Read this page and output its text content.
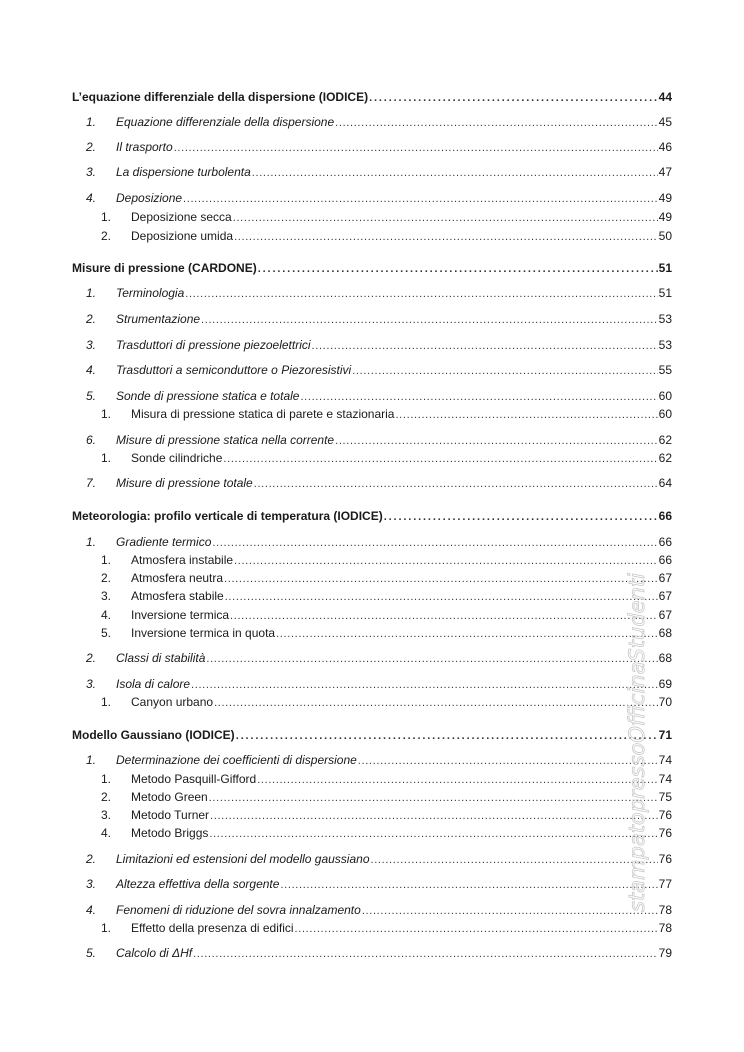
L’equazione differenziale della dispersione (IODICE) . . .	44
1.	Equazione differenziale della dispersione . . .	45
2.	Il trasporto . . .	46
3.	La dispersione turbolenta . . .	47
4.	Deposizione . . .	49
1.	Deposizione secca . . .	49
2.	Deposizione umida . . .	50
Misure di pressione (CARDONE) . . .	51
1.	Terminologia . . .	51
2.	Strumentazione . . .	53
3.	Trasduttori di pressione piezoelettrici . . .	53
4.	Trasduttori a semiconduttore o Piezoresistivi . . .	55
5.	Sonde di pressione statica e totale . . .	60
1.	Misura di pressione statica di parete e stazionaria . . .	60
6.	Misure di pressione statica nella corrente . . .	62
1.	Sonde cilindriche . . .	62
7.	Misure di pressione totale . . .	64
Meteorologia: profilo verticale di temperatura (IODICE) . . .	66
1.	Gradiente termico . . .	66
1.	Atmosfera instabile . . .	66
2.	Atmosfera neutra . . .	67
3.	Atmosfera stabile . . .	67
4.	Inversione termica . . .	67
5.	Inversione termica in quota . . .	68
2.	Classi di stabilità . . .	68
3.	Isola di calore . . .	69
1.	Canyon urbano . . .	70
Modello Gaussiano (IODICE) . . .	71
1.	Determinazione dei coefficienti di dispersione . . .	74
1.	Metodo Pasquill-Gifford . . .	74
2.	Metodo Green . . .	75
3.	Metodo Turner . . .	76
4.	Metodo Briggs . . .	76
2.	Limitazioni ed estensioni del modello gaussiano . . .	76
3.	Altezza effettiva della sorgente . . .	77
4.	Fenomeni di riduzione del sovra innalzamento . . .	78
1.	Effetto della presenza di edifici . . .	78
5.	Calcolo di ΔHf . . .	79
stampatopressoOfficinaStudenti
